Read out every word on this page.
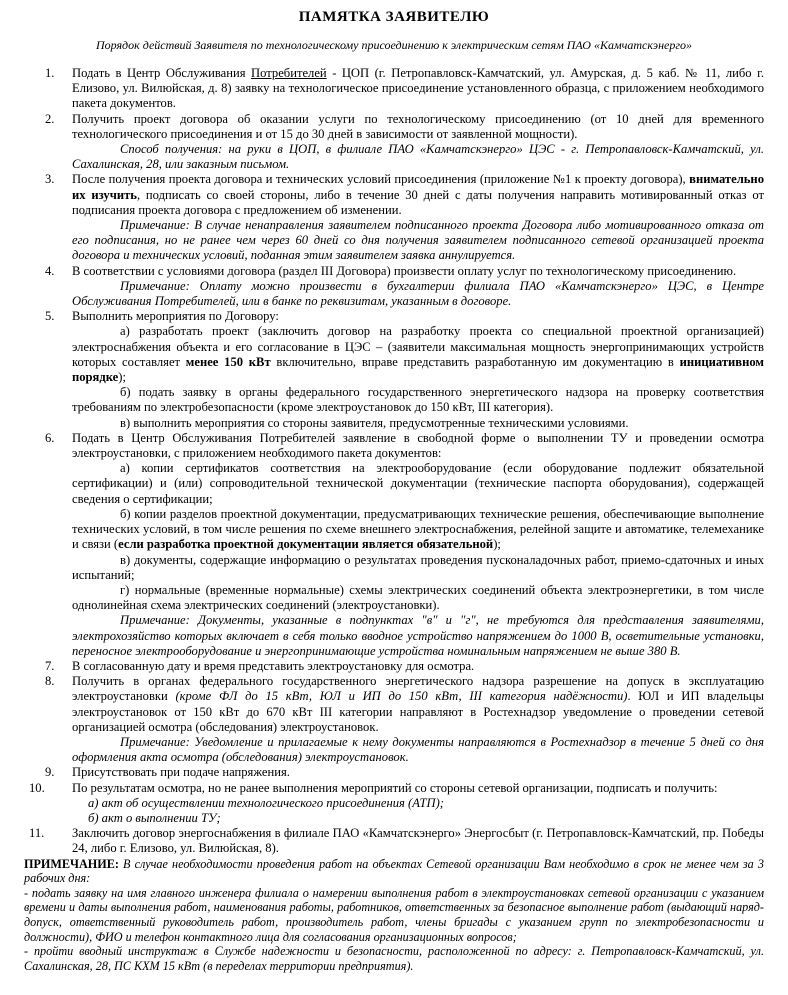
ПАМЯТКА ЗАЯВИТЕЛЮ
Порядок действий Заявителя по технологическому присоединению к электрическим сетям ПАО «Камчатскэнерго»
1. Подать в Центр Обслуживания Потребителей - ЦОП (г. Петропавловск-Камчатский, ул. Амурская, д. 5 каб. № 11, либо г. Елизово, ул. Вилюйская, д. 8) заявку на технологическое присоединение установленного образца, с приложением необходимого пакета документов.
2. Получить проект договора об оказании услуги по технологическому присоединению (от 10 дней для временного технологического присоединения и от 15 до 30 дней в зависимости от заявленной мощности).
Способ получения: на руки в ЦОП, в филиале ПАО «Камчатскэнерго» ЦЭС - г. Петропавловск-Камчатский, ул. Сахалинская, 28, или заказным письмом.
3. После получения проекта договора и технических условий присоединения (приложение №1 к проекту договора), внимательно их изучить, подписать со своей стороны, либо в течение 30 дней с даты получения направить мотивированный отказ от подписания проекта договора с предложением об изменении.
Примечание: В случае ненаправления заявителем подписанного проекта Договора либо мотивированного отказа от его подписания, но не ранее чем через 60 дней со дня получения заявителем подписанного сетевой организацией проекта договора и технических условий, поданная этим заявителем заявка аннулируется.
4. В соответствии с условиями договора (раздел III Договора) произвести оплату услуг по технологическому присоединению.
Примечание: Оплату можно произвести в бухгалтерии филиала ПАО «Камчатскэнерго» ЦЭС, в Центре Обслуживания Потребителей, или в банке по реквизитам, указанным в договоре.
5. Выполнить мероприятия по Договору:
а) разработать проект (заключить договор на разработку проекта со специальной проектной организацией) электроснабжения объекта и его согласование в ЦЭС – (заявители максимальная мощность энергопринимающих устройств которых составляет менее 150 кВт включительно, вправе представить разработанную им документацию в инициативном порядке);
б) подать заявку в органы федерального государственного энергетического надзора на проверку соответствия требованиям по электробезопасности (кроме электроустановок до 150 кВт, III категория).
в) выполнить мероприятия со стороны заявителя, предусмотренные техническими условиями.
6. Подать в Центр Обслуживания Потребителей заявление в свободной форме о выполнении ТУ и проведении осмотра электроустановки, с приложением необходимого пакета документов:
а) копии сертификатов соответствия на электрооборудование (если оборудование подлежит обязательной сертификации) и (или) сопроводительной технической документации (технические паспорта оборудования), содержащей сведения о сертификации;
б) копии разделов проектной документации, предусматривающих технические решения, обеспечивающие выполнение технических условий, в том числе решения по схеме внешнего электроснабжения, релейной защите и автоматике, телемеханике и связи (если разработка проектной документации является обязательной);
в) документы, содержащие информацию о результатах проведения пусконаладочных работ, приемо-сдаточных и иных испытаний;
г) нормальные (временные нормальные) схемы электрических соединений объекта электроэнергетики, в том числе однолинейная схема электрических соединений (электроустановки).
Примечание: Документы, указанные в подпунктах "в" и "г", не требуются для представления заявителями, электрохозяйство которых включает в себя только вводное устройство напряжением до 1000 В, осветительные установки, переносное электрооборудование и энергопринимающие устройства номинальным напряжением не выше 380 В.
7. В согласованную дату и время представить электроустановку для осмотра.
8. Получить в органах федерального государственного энергетического надзора разрешение на допуск в эксплуатацию электроустановки (кроме ФЛ до 15 кВт, ЮЛ и ИП до 150 кВт, III категория надёжности). ЮЛ и ИП владельцы электроустановок от 150 кВт до 670 кВт III категории направляют в Ростехнадзор уведомление о проведении сетевой организацией осмотра (обследования) электроустановок.
Примечание: Уведомление и прилагаемые к нему документы направляются в Ростехнадзор в течение 5 дней со дня оформления акта осмотра (обследования) электроустановок.
9. Присутствовать при подаче напряжения.
10. По результатам осмотра, но не ранее выполнения мероприятий со стороны сетевой организации, подписать и получить:
а) акт об осуществлении технологического присоединения (АТП);
б) акт о выполнении ТУ;
11. Заключить договор энергоснабжения в филиале ПАО «Камчатскэнерго» Энергосбыт (г. Петропавловск-Камчатский, пр. Победы 24, либо г. Елизово, ул. Вилюйская, 8).
ПРИМЕЧАНИЕ: В случае необходимости проведения работ на объектах Сетевой организации Вам необходимо в срок не менее чем за 3 рабочих дня:
- подать заявку на имя главного инженера филиала о намерении выполнения работ в электроустановках сетевой организации с указанием времени и даты выполнения работ, наименования работы, работников, ответственных за безопасное выполнение работ (выдающий наряд-допуск, ответственный руководитель работ, производитель работ, члены бригады с указанием групп по электробезопасности и должности), ФИО и телефон контактного лица для согласования организационных вопросов;
- пройти вводный инструктаж в Службе надежности и безопасности, расположенной по адресу: г. Петропавловск-Камчатский, ул. Сахалинская, 28, ПС КХМ 15 кВт (в переделах территории предприятия).
